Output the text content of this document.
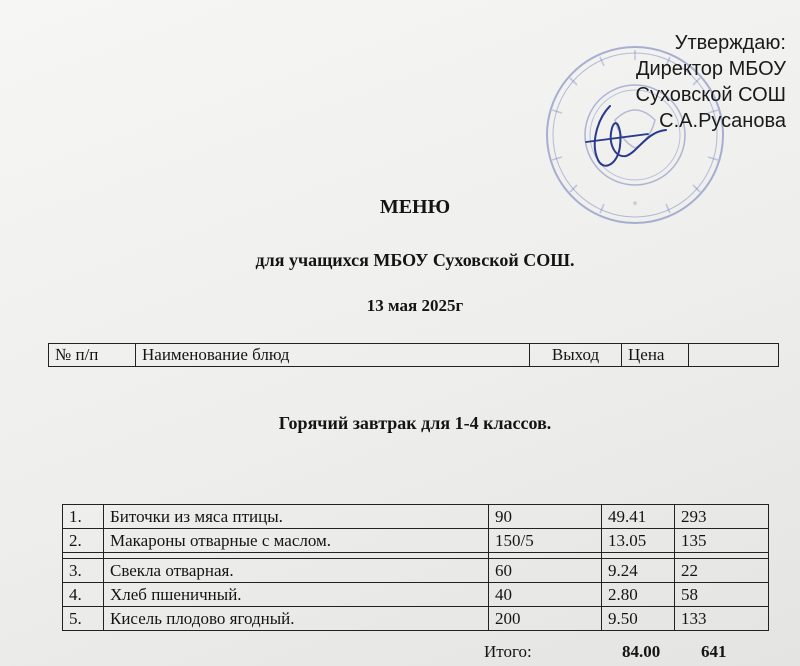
*
Утверждаю:
Директор МБОУ
Суховской СОШ
С.А.Русанова
МЕНЮ
для учащихся МБОУ Суховской СОШ.
13 мая 2025г
№ п/п	Наименование блюд	Выход	Цена	
Горячий завтрак для 1-4 классов.
1.	Биточки из мяса птицы.	90	49.41	293
2.	Макароны отварные с маслом.	150/5	13.05	135

3.	Свекла отварная.	60	9.24	22
4.	Хлеб пшеничный.	40	2.80	58
5.	Кисель плодово ягодный.	200	9.50	133
Итого:	84.00 641
